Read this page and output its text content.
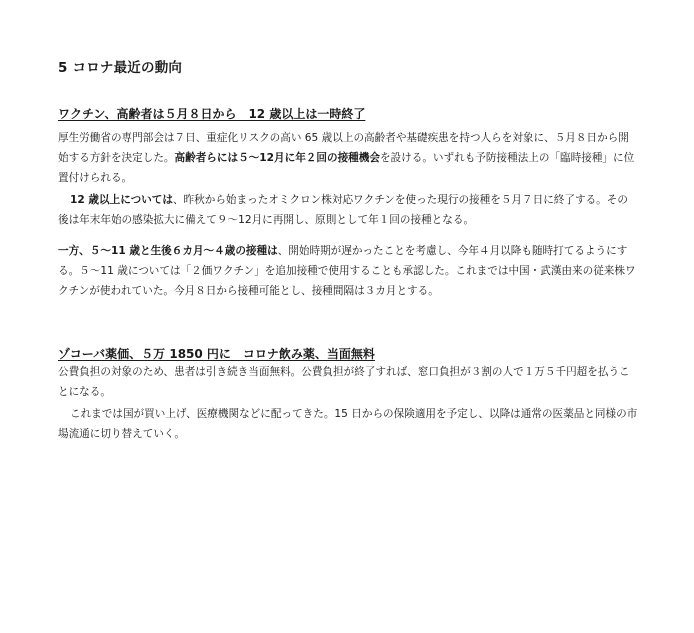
5 コロナ最近の動向
ワクチン、高齢者は５月８日から　12 歳以上は一時終了

厚生労働省の専門部会は７日、重症化リスクの高い 65 歳以上の高齢者や基礎疾患を持つ人らを対象に、５月８日から開始する方針を決定した。高齢者らには５〜12月に年２回の接種機会を設ける。いずれも予防接種法上の「臨時接種」に位置付けられる。

12 歳以上については、昨秋から始まったオミクロン株対応ワクチンを使った現行の接種を５月７日に終了する。その後は年末年始の感染拡大に備えて９〜12月に再開し、原則として年１回の接種となる。

一方、５〜11 歳と生後６カ月〜４歳の接種は、開始時期が遅かったことを考慮し、今年４月以降も随時打てるようにする。５〜11 歳については「２価ワクチン」を追加接種で使用することも承認した。これまでは中国・武漢由来の従来株ワクチンが使われていた。今月８日から接種可能とし、接種間隔は３カ月とする。

ゾコーバ薬価、５万 1850 円に　コロナ飲み薬、当面無料

公費負担の対象のため、患者は引き続き当面無料。公費負担が終了すれば、窓口負担が３割の人で１万５千円超を払うことになる。

これまでは国が買い上げ、医療機関などに配ってきた。15 日からの保険適用を予定し、以降は通常の医薬品と同様の市場流通に切り替えていく。
